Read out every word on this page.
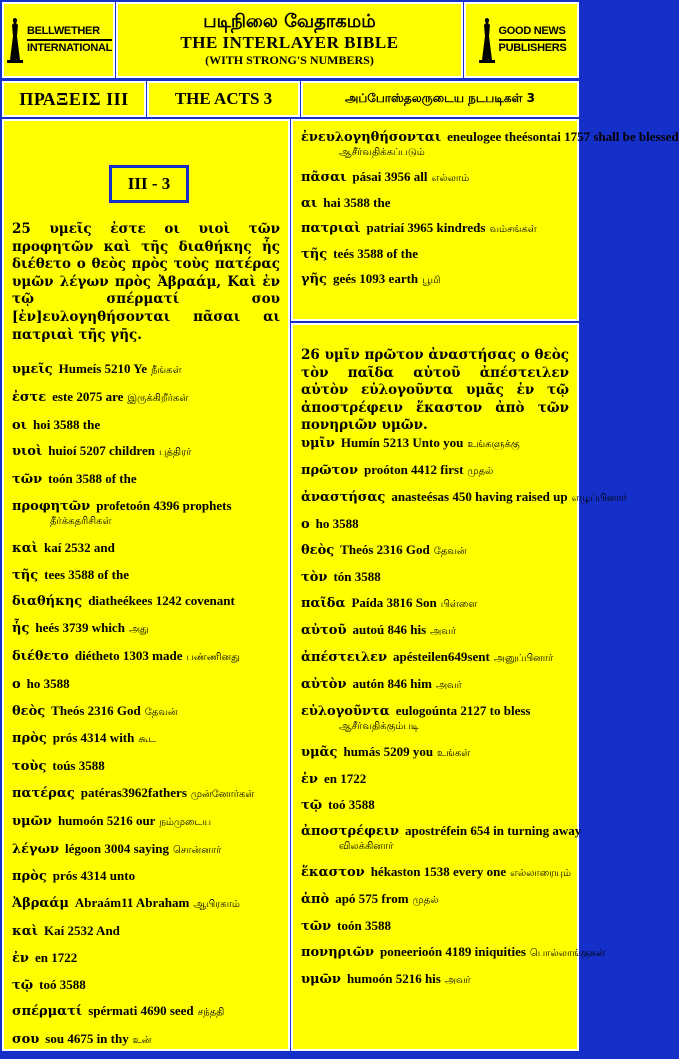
BELLWETHER
INTERNATIONAL
படிநிலை வேதாகமம்
THE INTERLAYER BIBLE
(WITH STRONG'S NUMBERS)
GOOD NEWS
PUBLISHERS
ΠΡΑΞΕΙΣ III	THE ACTS 3	அப்போஸ்தலருடைய நடபடிகள் 3
III - 3
25 υμεῖς ἐστε οι υιοὶ τῶν προφητῶν καὶ τῆς διαθήκης ἧς διέθετο ο θεὸς πρὸς τοὺς πατέρας υμῶν λέγων πρὸς Ἀβραάμ, Καὶ ἐν τῷ σπέρματί σου [ἐν]ευλογηθήσονται πᾶσαι αι πατριαὶ τῆς γῆς.
υμεῖς Humeís 5210 Ye நீங்கள்
ἐστε este 2075 are இருக்கிறீர்கள்
οι hoi 3588 the
υιοὶ huioí 5207 children புத்திரர்
τῶν toón 3588 of the
προφητῶν profetoón 4396 prophets
தீர்க்கதரிசிகள்
καὶ kaí 2532 and
τῆς tees 3588 of the
διαθήκης diatheékees 1242 covenant
ἧς heés 3739 which அது
διέθετο diétheto 1303 made பண்ணினது
ο ho 3588
θεὸς Theós 2316 God தேவன்
πρὸς prós 4314 with கூட
τοὺς toús 3588
πατέρας patéras3962fathers முன்னோர்கள்
υμῶν humoón 5216 our நம்முடைய
λέγων légoon 3004 saying சொன்னார்
πρὸς prós 4314 unto
Ἀβραάμ Abraám11 Abraham ஆபிரகாம்
καὶ Kaí 2532 And
ἐν en 1722
τῷ toó 3588
σπέρματί spérmati 4690 seed சந்ததி
σου sou 4675 in thy உன்
ἐνευλογηθήσονται eneulogee theésontai 1757 shall be blessed
ஆசீர்வதிக்கப்படும்
πᾶσαι pásai 3956 all எல்லாம்
αι hai 3588 the
πατριαὶ patriaí 3965 kindreds வம்சங்கள்
τῆς teés 3588 of the
γῆς geés 1093 earth பூமி
26 υμῖν πρῶτον ἀναστήσας ο θεὸς τὸν παῖδα αὐτοῦ ἀπέστειλεν αὐτὸν εὐλογοῦντα υμᾶς ἐν τῷ ἀποστρέφειν ἕκαστον ἀπὸ τῶν πονηριῶν υμῶν.
υμῖν Humín 5213 Unto you உங்களுக்கு
πρῶτον proóton 4412 first முதல்
ἀναστήσας anasteésas 450 having raised up எழுப்பினார்
ο ho 3588
θεὸς Theós 2316 God தேவன்
τὸν tón 3588
παῖδα Paída 3816 Son பிள்ளை
αὐτοῦ autoú 846 his அவர்
ἀπέστειλεν apésteilen649sent அனுப்பினார்
αὐτὸν autón 846 him அவர்
εὐλογοῦντα eulogoúnta 2127 to bless
ஆசீர்வதிக்கும்படி
υμᾶς humás 5209 you உங்கள்
ἐν en 1722
τῷ toó 3588
ἀποστρέφειν apostréfein 654 in turning away
விலக்கினார்
ἕκαστον hékaston 1538 every one எல்லாரையும்
ἀπὸ apó 575 from முதல்
τῶν toón 3588
πονηριῶν poneerioón 4189 iniquities பொல்லாங்குகள்
υμῶν humoón 5216 his அவர்
